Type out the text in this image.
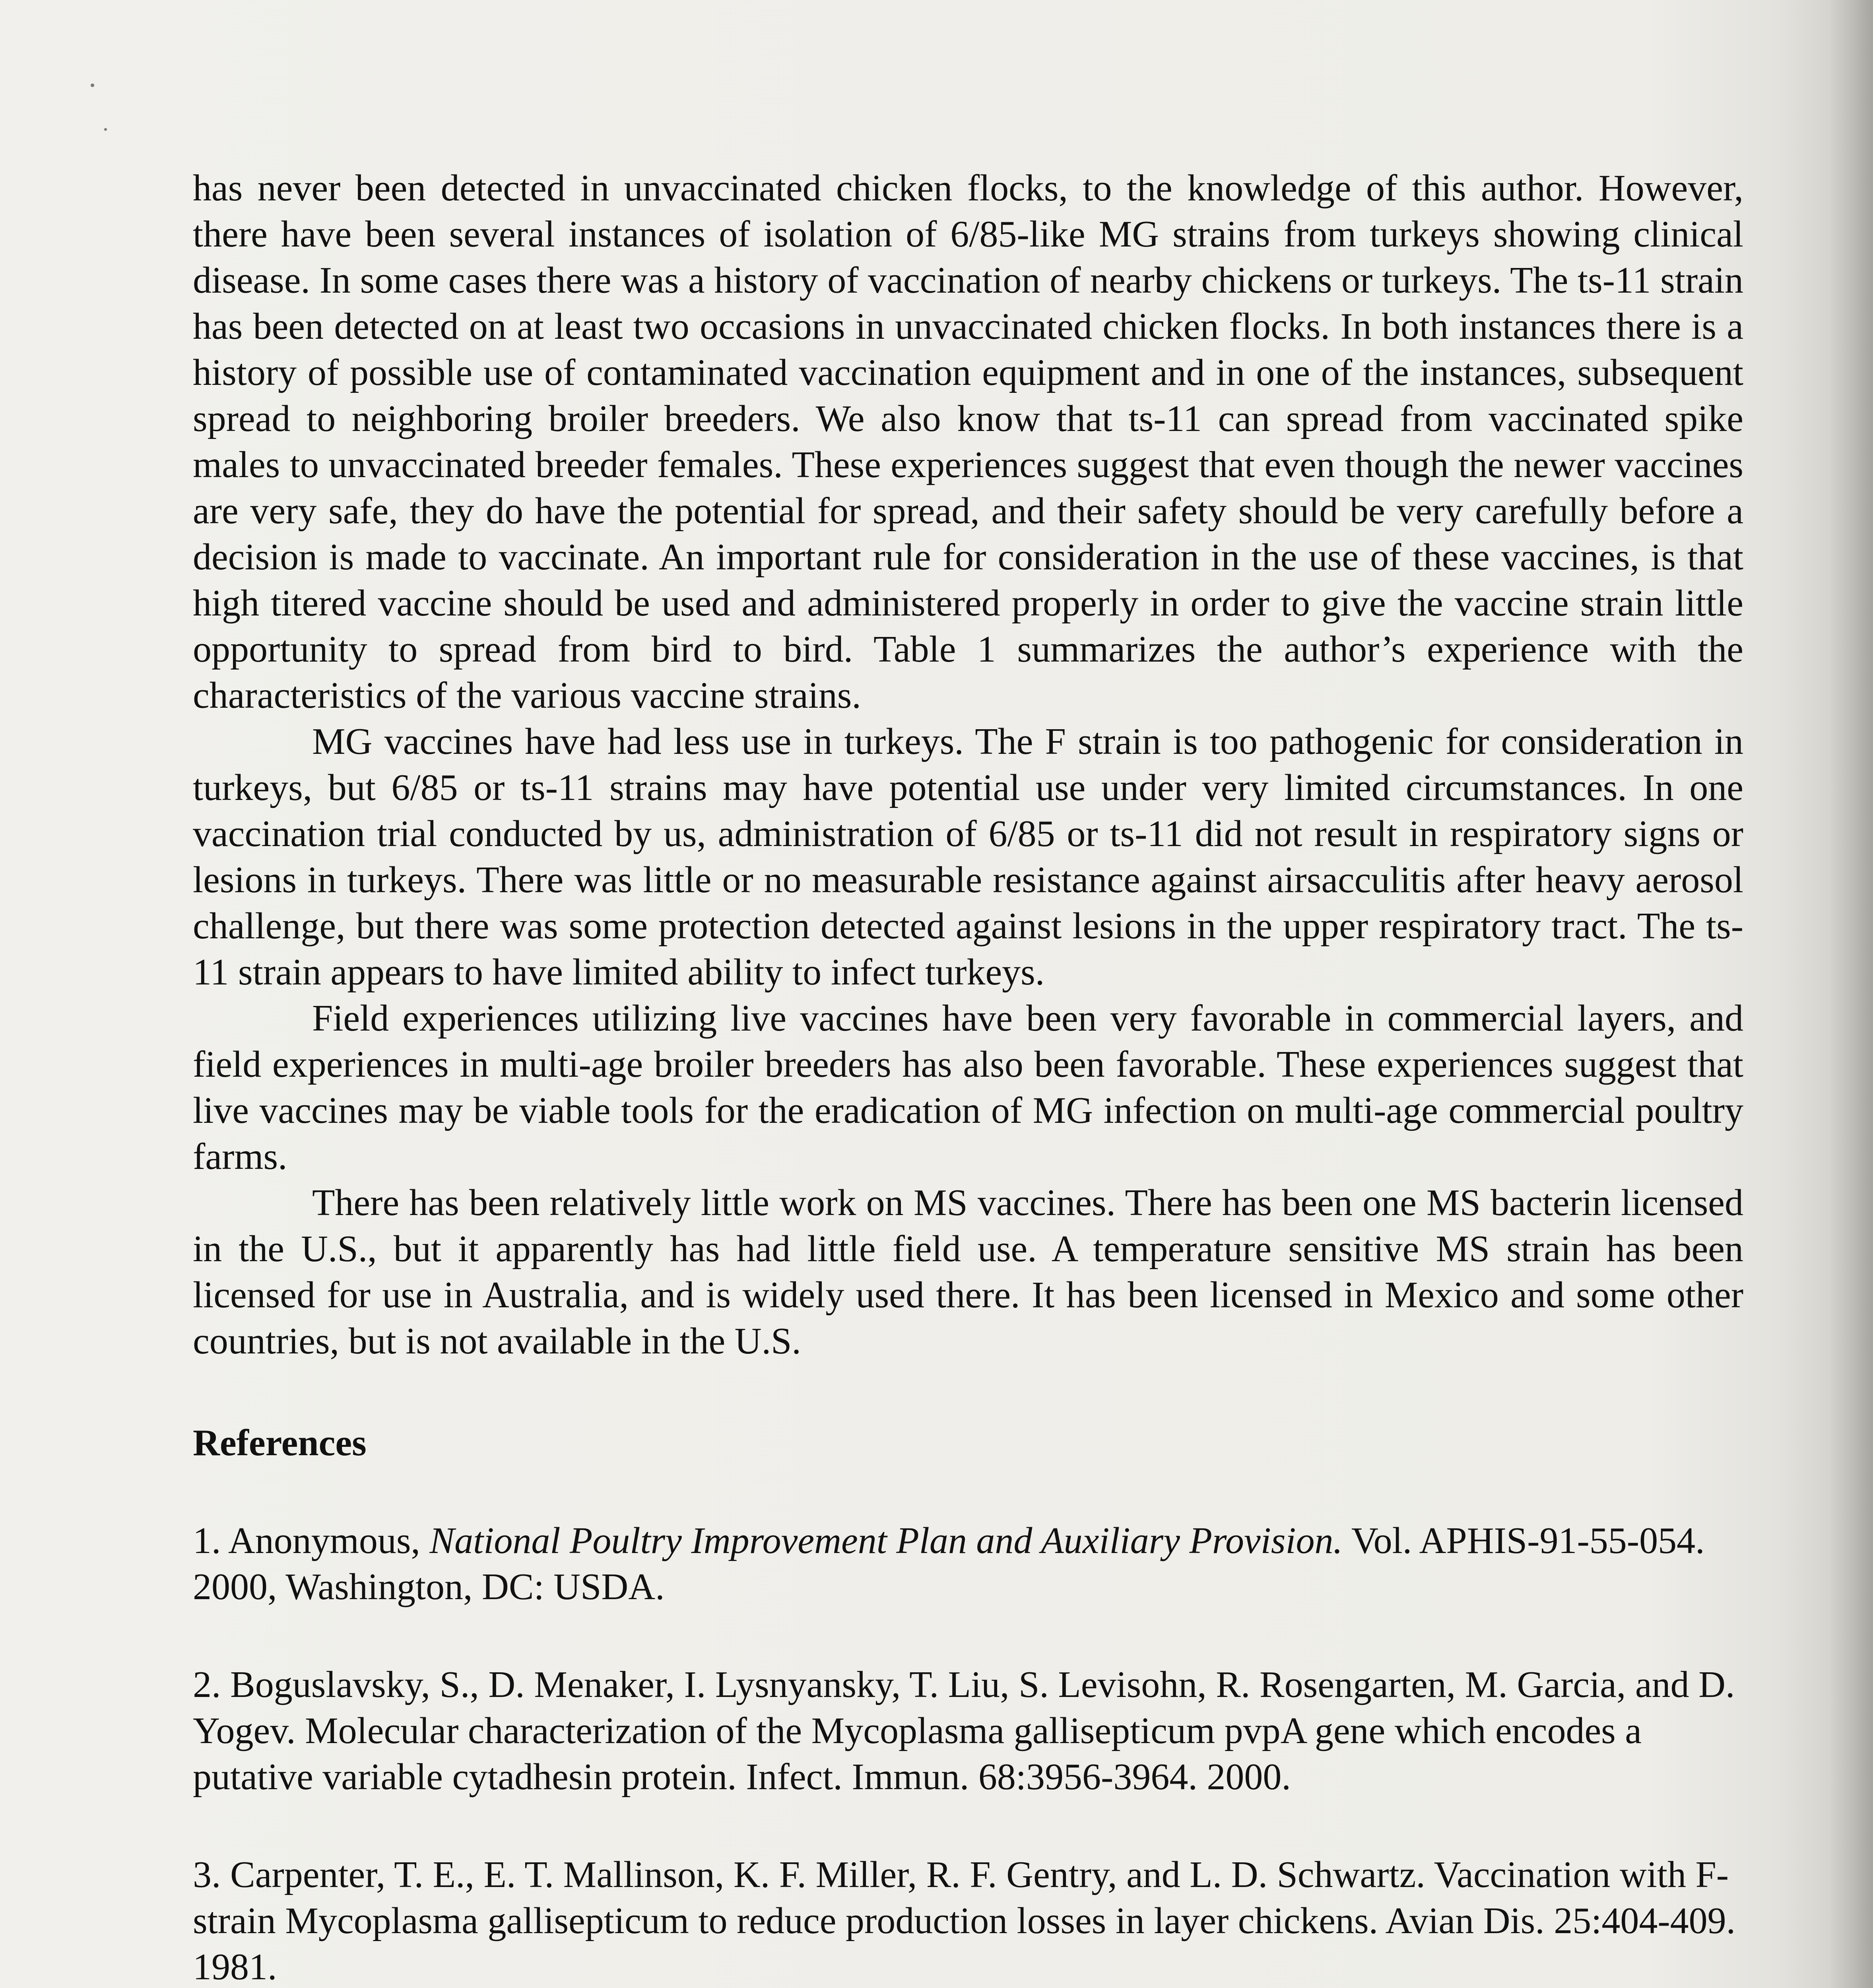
has never been detected in unvaccinated chicken flocks, to the knowledge of this author. However, there have been several instances of isolation of 6/85-like MG strains from turkeys showing clinical disease. In some cases there was a history of vaccination of nearby chickens or turkeys. The ts-11 strain has been detected on at least two occasions in unvaccinated chicken flocks. In both instances there is a history of possible use of contaminated vaccination equipment and in one of the instances, subsequent spread to neighboring broiler breeders. We also know that ts-11 can spread from vaccinated spike males to unvaccinated breeder females. These experiences suggest that even though the newer vaccines are very safe, they do have the potential for spread, and their safety should be very carefully before a decision is made to vaccinate. An important rule for consideration in the use of these vaccines, is that high titered vaccine should be used and administered properly in order to give the vaccine strain little opportunity to spread from bird to bird. Table 1 summarizes the author’s experience with the characteristics of the various vaccine strains.

MG vaccines have had less use in turkeys. The F strain is too pathogenic for consideration in turkeys, but 6/85 or ts-11 strains may have potential use under very limited circumstances. In one vaccination trial conducted by us, administration of 6/85 or ts-11 did not result in respiratory signs or lesions in turkeys. There was little or no measurable resistance against airsacculitis after heavy aerosol challenge, but there was some protection detected against lesions in the upper respiratory tract. The ts-11 strain appears to have limited ability to infect turkeys.

Field experiences utilizing live vaccines have been very favorable in commercial layers, and field experiences in multi-age broiler breeders has also been favorable. These experiences suggest that live vaccines may be viable tools for the eradication of MG infection on multi-age commercial poultry farms.

There has been relatively little work on MS vaccines. There has been one MS bacterin licensed in the U.S., but it apparently has had little field use. A temperature sensitive MS strain has been licensed for use in Australia, and is widely used there. It has been licensed in Mexico and some other countries, but is not available in the U.S.

References

1. Anonymous, National Poultry Improvement Plan and Auxiliary Provision. Vol. APHIS-91-55-054. 2000, Washington, DC: USDA.

2. Boguslavsky, S., D. Menaker, I. Lysnyansky, T. Liu, S. Levisohn, R. Rosengarten, M. Garcia, and D. Yogev. Molecular characterization of the Mycoplasma gallisepticum pvpA gene which encodes a putative variable cytadhesin protein. Infect. Immun. 68:3956-3964. 2000.

3. Carpenter, T. E., E. T. Mallinson, K. F. Miller, R. F. Gentry, and L. D. Schwartz. Vaccination with F-strain Mycoplasma gallisepticum to reduce production losses in layer chickens. Avian Dis. 25:404-409. 1981.
